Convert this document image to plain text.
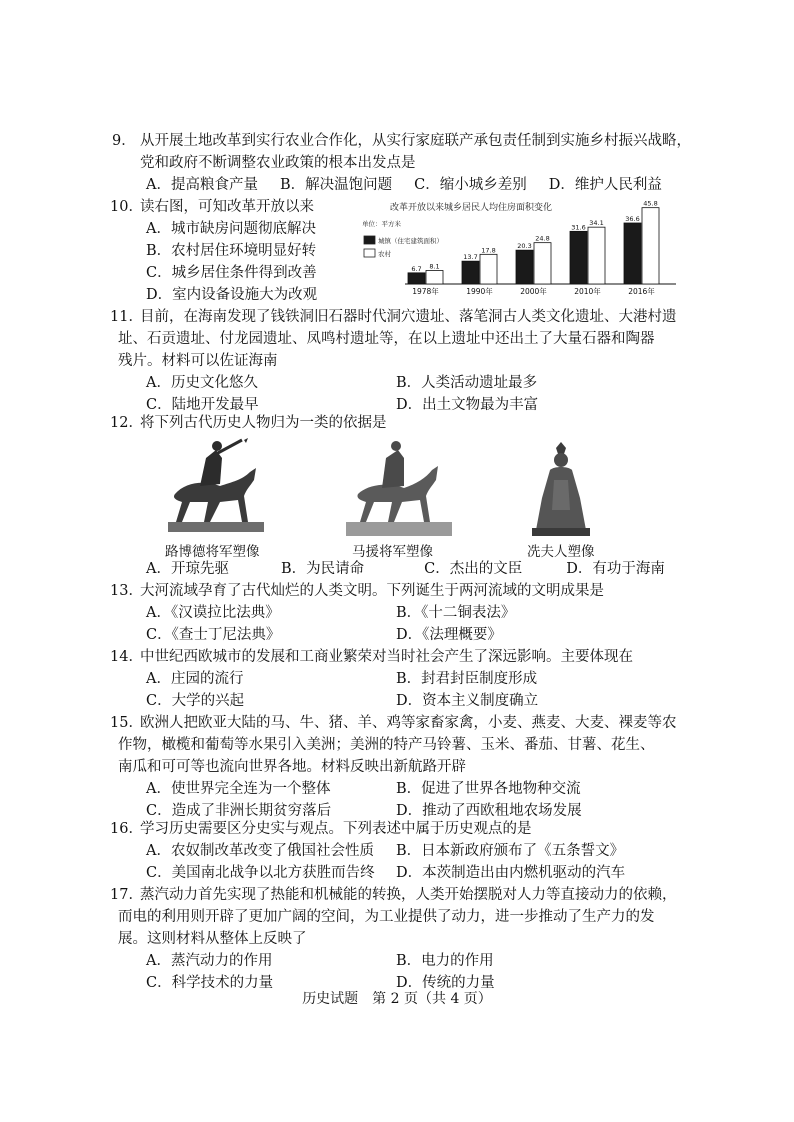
9． 从开展土地改革到实行农业合作化，从实行家庭联产承包责任制到实施乡村振兴战略，
党和政府不断调整农业政策的根本出发点是
A．提高粮食产量 B．解决温饱问题 C．缩小城乡差别 D．维护人民利益
10．
读右图，可知改革开放以来
A．城市缺房问题彻底解决
B．农村居住环境明显好转
C．城乡居住条件得到改善
D．室内设备设施大为改观
改革开放以来城乡居民人均住房面积变化
单位：平方米
城镇（住宅建筑面积）
农村
6.7 8.1
1978年
13.7
17.8
1990年
20.3
24.8
2000年
31.6
34.1
2010年
36.6
45.8
2016年
11．
目前，在海南发现了钱铁洞旧石器时代洞穴遗址、落笔洞古人类文化遗址、大港村遗
址、石贡遗址、付龙园遗址、凤鸣村遗址等，在以上遗址中还出土了大量石器和陶器
残片。材料可以佐证海南
A．历史文化悠久	B．人类活动遗址最多
C．陆地开发最早	D．出土文物最为丰富
12．
将下列古代历史人物归为一类的依据是
路博德将军塑像	马援将军塑像	冼夫人塑像
A．开琼先驱	B．为民请命	C．杰出的文臣	D．有功于海南
13．
大河流域孕育了古代灿烂的人类文明。下列诞生于两河流域的文明成果是
A．《汉谟拉比法典》	B．《十二铜表法》
C．《查士丁尼法典》	D．《法理概要》
14．
中世纪西欧城市的发展和工商业繁荣对当时社会产生了深远影响。主要体现在
A．庄园的流行	B．封君封臣制度形成
C．大学的兴起	D．资本主义制度确立
15．
欧洲人把欧亚大陆的马、牛、猪、羊、鸡等家畜家禽，小麦、燕麦、大麦、裸麦等农
作物，橄榄和葡萄等水果引入美洲；美洲的特产马铃薯、玉米、番茄、甘薯、花生、
南瓜和可可等也流向世界各地。材料反映出新航路开辟
A．使世界完全连为一个整体	B．促进了世界各地物种交流
C．造成了非洲长期贫穷落后	D．推动了西欧租地农场发展
16．
学习历史需要区分史实与观点。下列表述中属于历史观点的是
A．农奴制改革改变了俄国社会性质	B．日本新政府颁布了《五条誓文》
C．美国南北战争以北方获胜而告终	D．本茨制造出由内燃机驱动的汽车
17．
蒸汽动力首先实现了热能和机械能的转换，人类开始摆脱对人力等直接动力的依赖，
而电的利用则开辟了更加广阔的空间，为工业提供了动力，进一步推动了生产力的发
展。这则材料从整体上反映了
A．蒸汽动力的作用	B．电力的作用
C．科学技术的力量	D．传统的力量
历史试题　第 2 页（共 4 页）
